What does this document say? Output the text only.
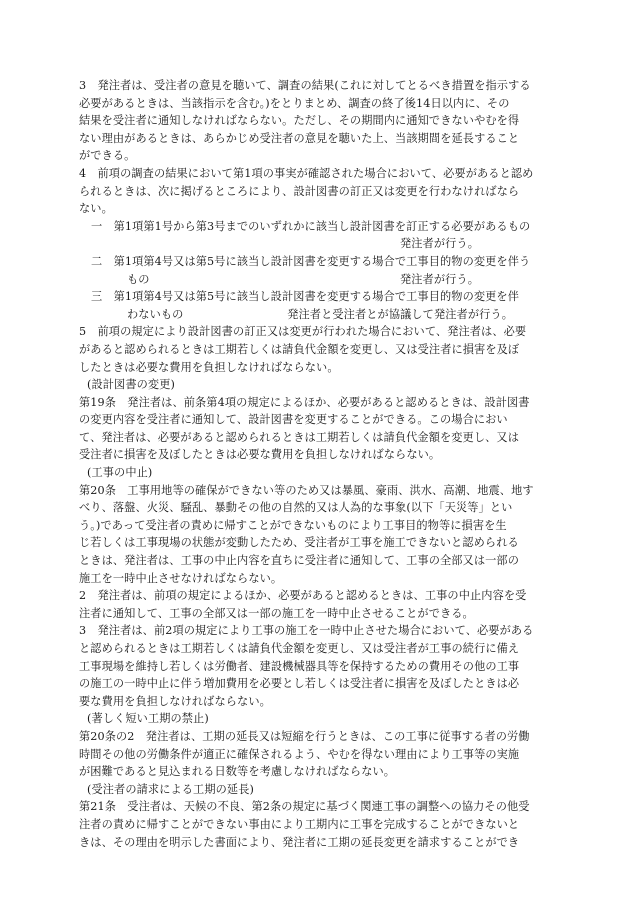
3　発注者は、受注者の意見を聴いて、調査の結果(これに対してとるべき措置を指示する
必要があるときは、当該指示を含む。)をとりまとめ、調査の終了後14日以内に、その
結果を受注者に通知しなければならない。ただし、その期間内に通知できないやむを得
ない理由があるときは、あらかじめ受注者の意見を聴いた上、当該期間を延長すること
ができる。
4　前項の調査の結果において第1項の事実が確認された場合において、必要があると認め
られるときは、次に掲げるところにより、設計図書の訂正又は変更を行わなければなら
ない。
一　第1項第1号から第3号までのいずれかに該当し設計図書を訂正する必要があるもの
発注者が行う。
二　第1項第4号又は第5号に該当し設計図書を変更する場合で工事目的物の変更を伴う
発注者が行う。
もの
三　第1項第4号又は第5号に該当し設計図書を変更する場合で工事目的物の変更を伴
発注者と受注者とが協議して発注者が行う。
わないもの
5　前項の規定により設計図書の訂正又は変更が行われた場合において、発注者は、必要
があると認められるときは工期若しくは請負代金額を変更し、又は受注者に損害を及ぼ
したときは必要な費用を負担しなければならない。
(設計図書の変更)
第19条　発注者は、前条第4項の規定によるほか、必要があると認めるときは、設計図書
の変更内容を受注者に通知して、設計図書を変更することができる。この場合におい
て、発注者は、必要があると認められるときは工期若しくは請負代金額を変更し、又は
受注者に損害を及ぼしたときは必要な費用を負担しなければならない。
(工事の中止)
第20条　工事用地等の確保ができない等のため又は暴風、豪雨、洪水、高潮、地震、地す
べり、落盤、火災、騒乱、暴動その他の自然的又は人為的な事象(以下「天災等」とい
う。)であって受注者の責めに帰すことができないものにより工事目的物等に損害を生
じ若しくは工事現場の状態が変動したため、受注者が工事を施工できないと認められる
ときは、発注者は、工事の中止内容を直ちに受注者に通知して、工事の全部又は一部の
施工を一時中止させなければならない。
2　発注者は、前項の規定によるほか、必要があると認めるときは、工事の中止内容を受
注者に通知して、工事の全部又は一部の施工を一時中止させることができる。
3　発注者は、前2項の規定により工事の施工を一時中止させた場合において、必要がある
と認められるときは工期若しくは請負代金額を変更し、又は受注者が工事の続行に備え
工事現場を維持し若しくは労働者、建設機械器具等を保持するための費用その他の工事
の施工の一時中止に伴う増加費用を必要とし若しくは受注者に損害を及ぼしたときは必
要な費用を負担しなければならない。
(著しく短い工期の禁止)
第20条の2　発注者は、工期の延長又は短縮を行うときは、この工事に従事する者の労働
時間その他の労働条件が適正に確保されるよう、やむを得ない理由により工事等の実施
が困難であると見込まれる日数等を考慮しなければならない。
(受注者の請求による工期の延長)
第21条　受注者は、天候の不良、第2条の規定に基づく関連工事の調整への協力その他受
注者の責めに帰すことができない事由により工期内に工事を完成することができないと
きは、その理由を明示した書面により、発注者に工期の延長変更を請求することができ
